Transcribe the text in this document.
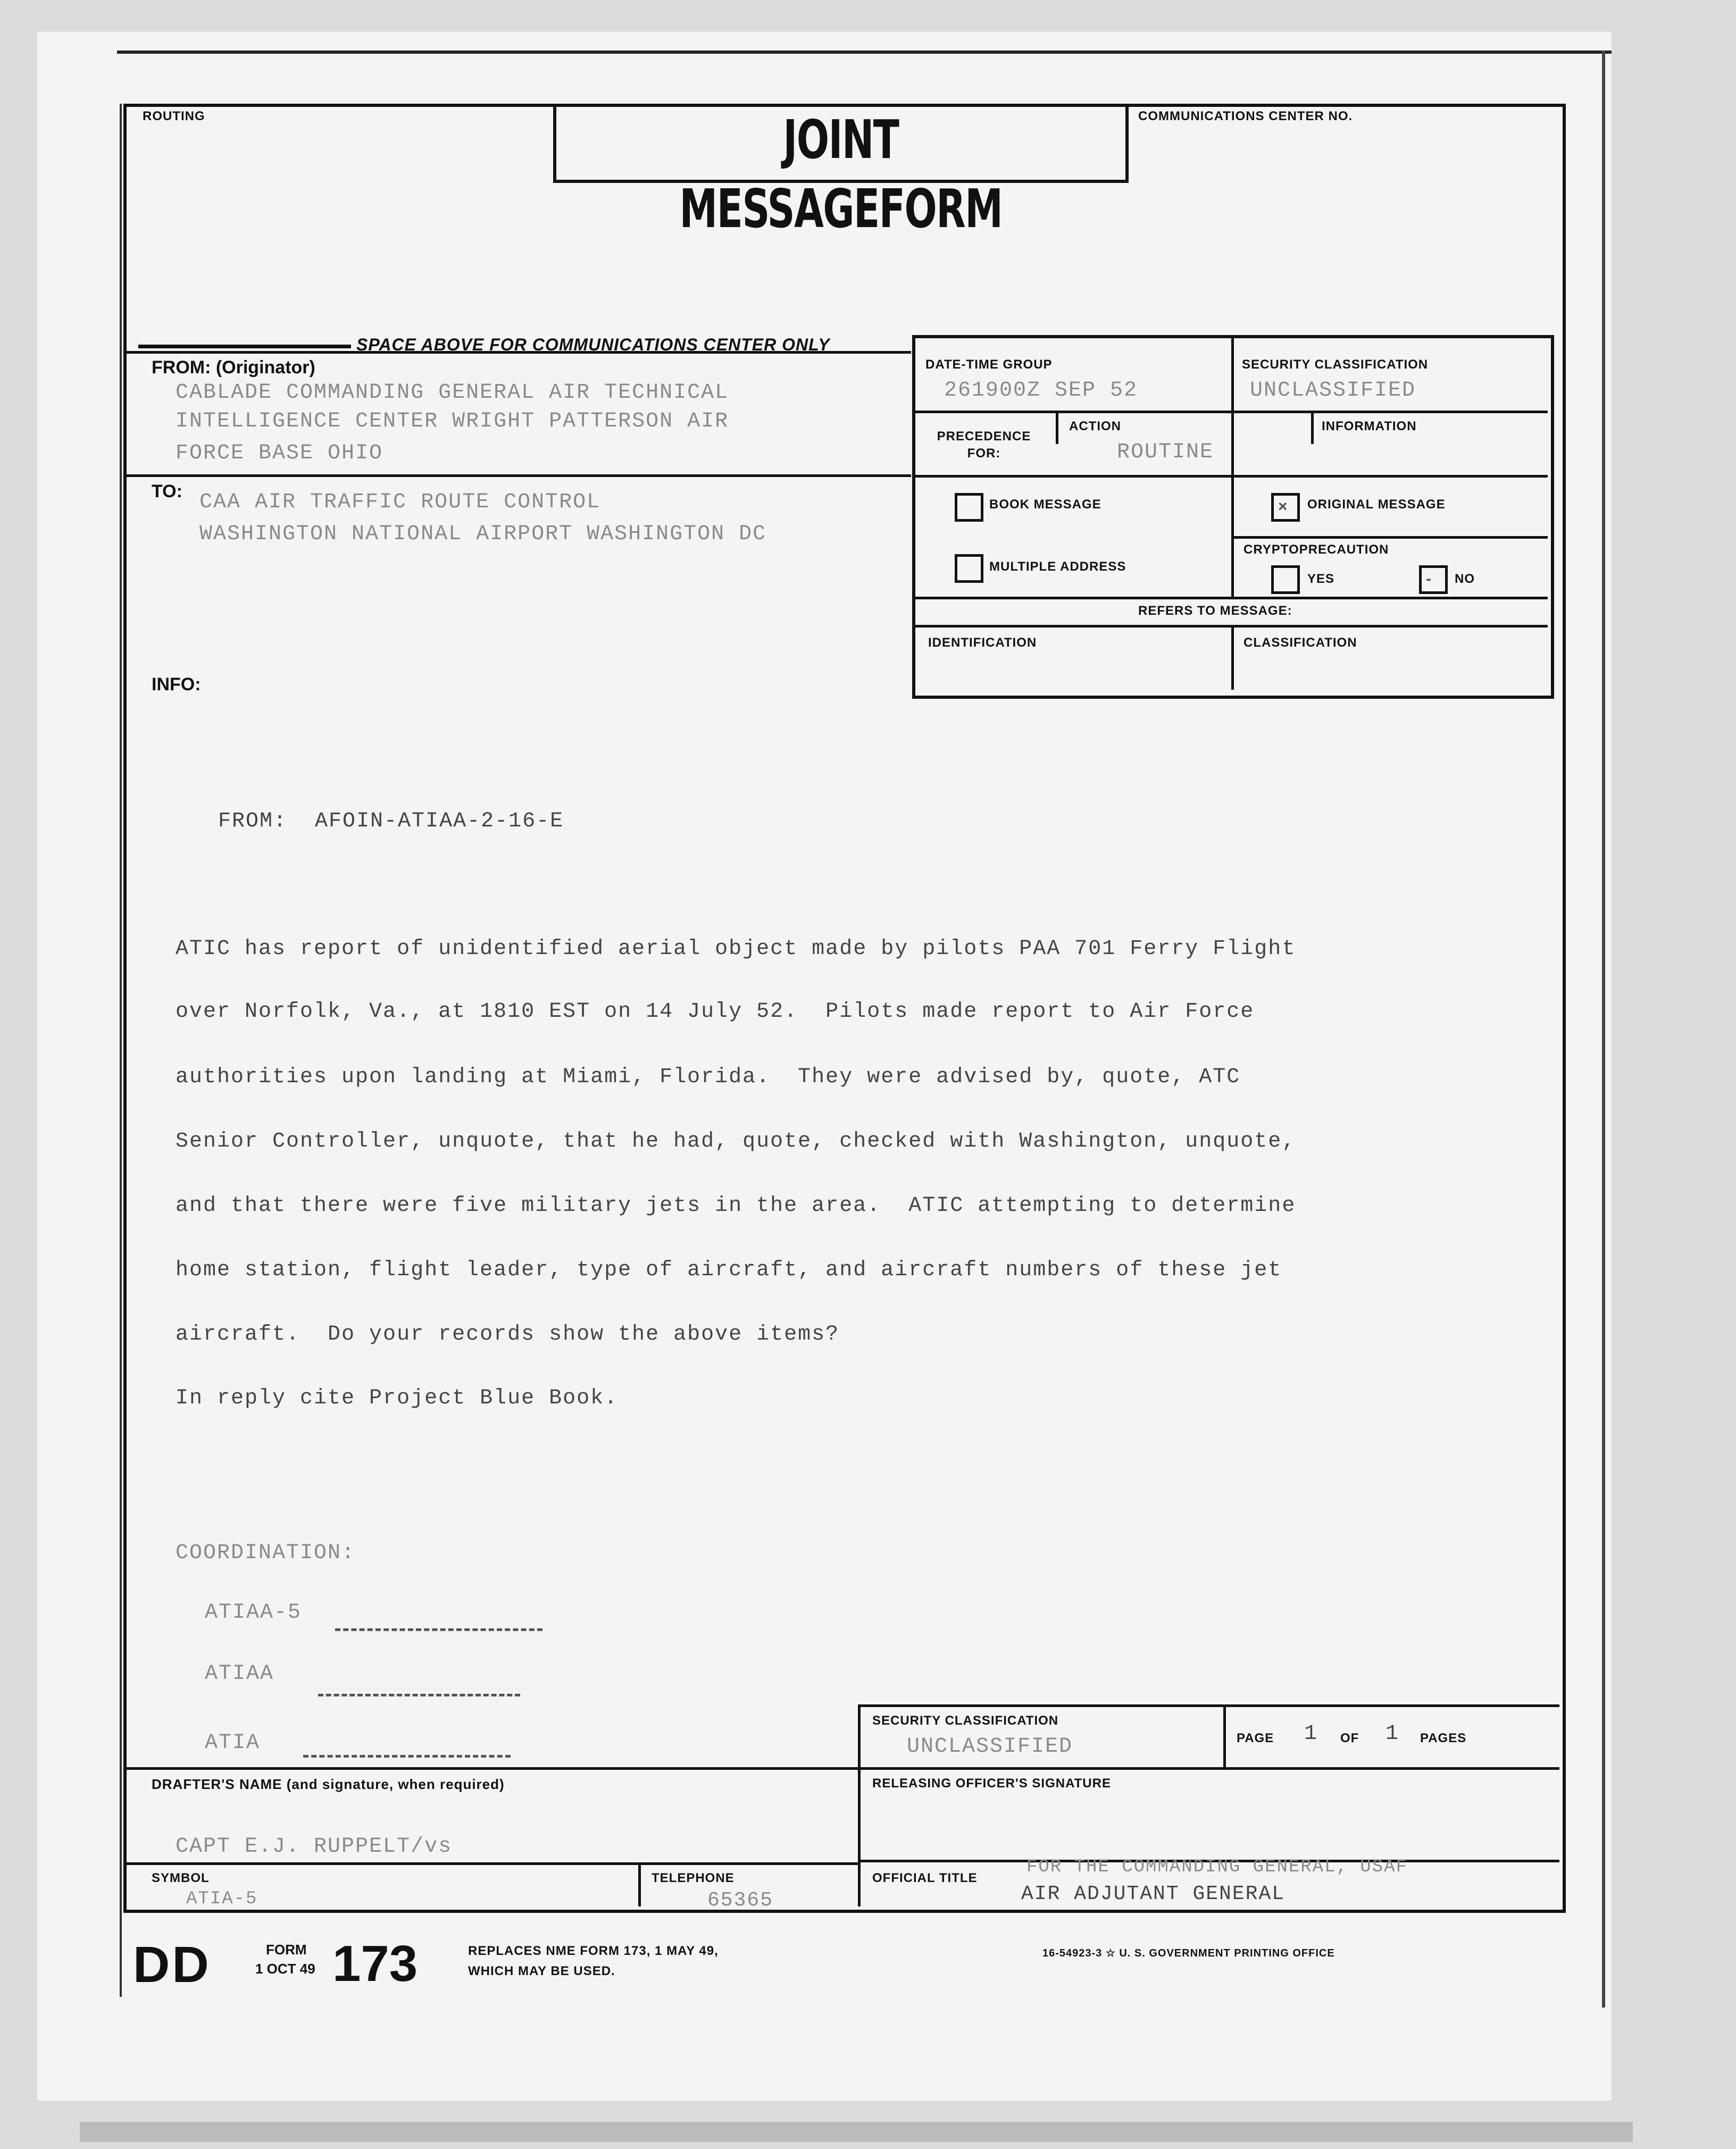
ROUTING	JOINT MESSAGEFORM
COMMUNICATIONS CENTER NO.
SPACE ABOVE FOR COMMUNICATIONS CENTER ONLY
FROM: (Originator)
CABLADE COMMANDING GENERAL AIR TECHNICAL
INTELLIGENCE CENTER WRIGHT PATTERSON AIR
FORCE BASE OHIO
TO: CAA AIR TRAFFIC ROUTE CONTROL
WASHINGTON NATIONAL AIRPORT WASHINGTON DC
INFO:
DATE-TIME GROUP
261900Z SEP 52
SECURITY CLASSIFICATION
UNCLASSIFIED
PRECEDENCE FOR:
ACTION
ROUTINE
INFORMATION
BOOK MESSAGE	× ORIGINAL MESSAGE
MULTIPLE ADDRESS
CRYPTOPRECAUTION
YES	- NO
REFERS TO MESSAGE:
IDENTIFICATION	CLASSIFICATION
FROM:  AFOIN-ATIAA-2-16-E
ATIC has report of unidentified aerial object made by pilots PAA 701 Ferry Flight
over Norfolk, Va., at 1810 EST on 14 July 52.  Pilots made report to Air Force
authorities upon landing at Miami, Florida.  They were advised by, quote, ATC
Senior Controller, unquote, that he had, quote, checked with Washington, unquote,
and that there were five military jets in the area.  ATIC attempting to determine
home station, flight leader, type of aircraft, and aircraft numbers of these jet
aircraft.  Do your records show the above items?
In reply cite Project Blue Book.
COORDINATION:
ATIAA-5
ATIAA
ATIA
SECURITY CLASSIFICATION
UNCLASSIFIED	PAGE 1 OF 1 PAGES
DRAFTER'S NAME (and signature, when required)
CAPT E.J. RUPPELT/vs
RELEASING OFFICER'S SIGNATURE
SYMBOL
ATIA-5
TELEPHONE
65365
OFFICIAL TITLE
FOR THE COMMANDING GENERAL, USAF
AIR ADJUTANT GENERAL
DD	FORM
1 OCT 49 173	REPLACES NME FORM 173, 1 MAY 49,
WHICH MAY BE USED.
16-54923-3 ☆ U. S. GOVERNMENT PRINTING OFFICE
